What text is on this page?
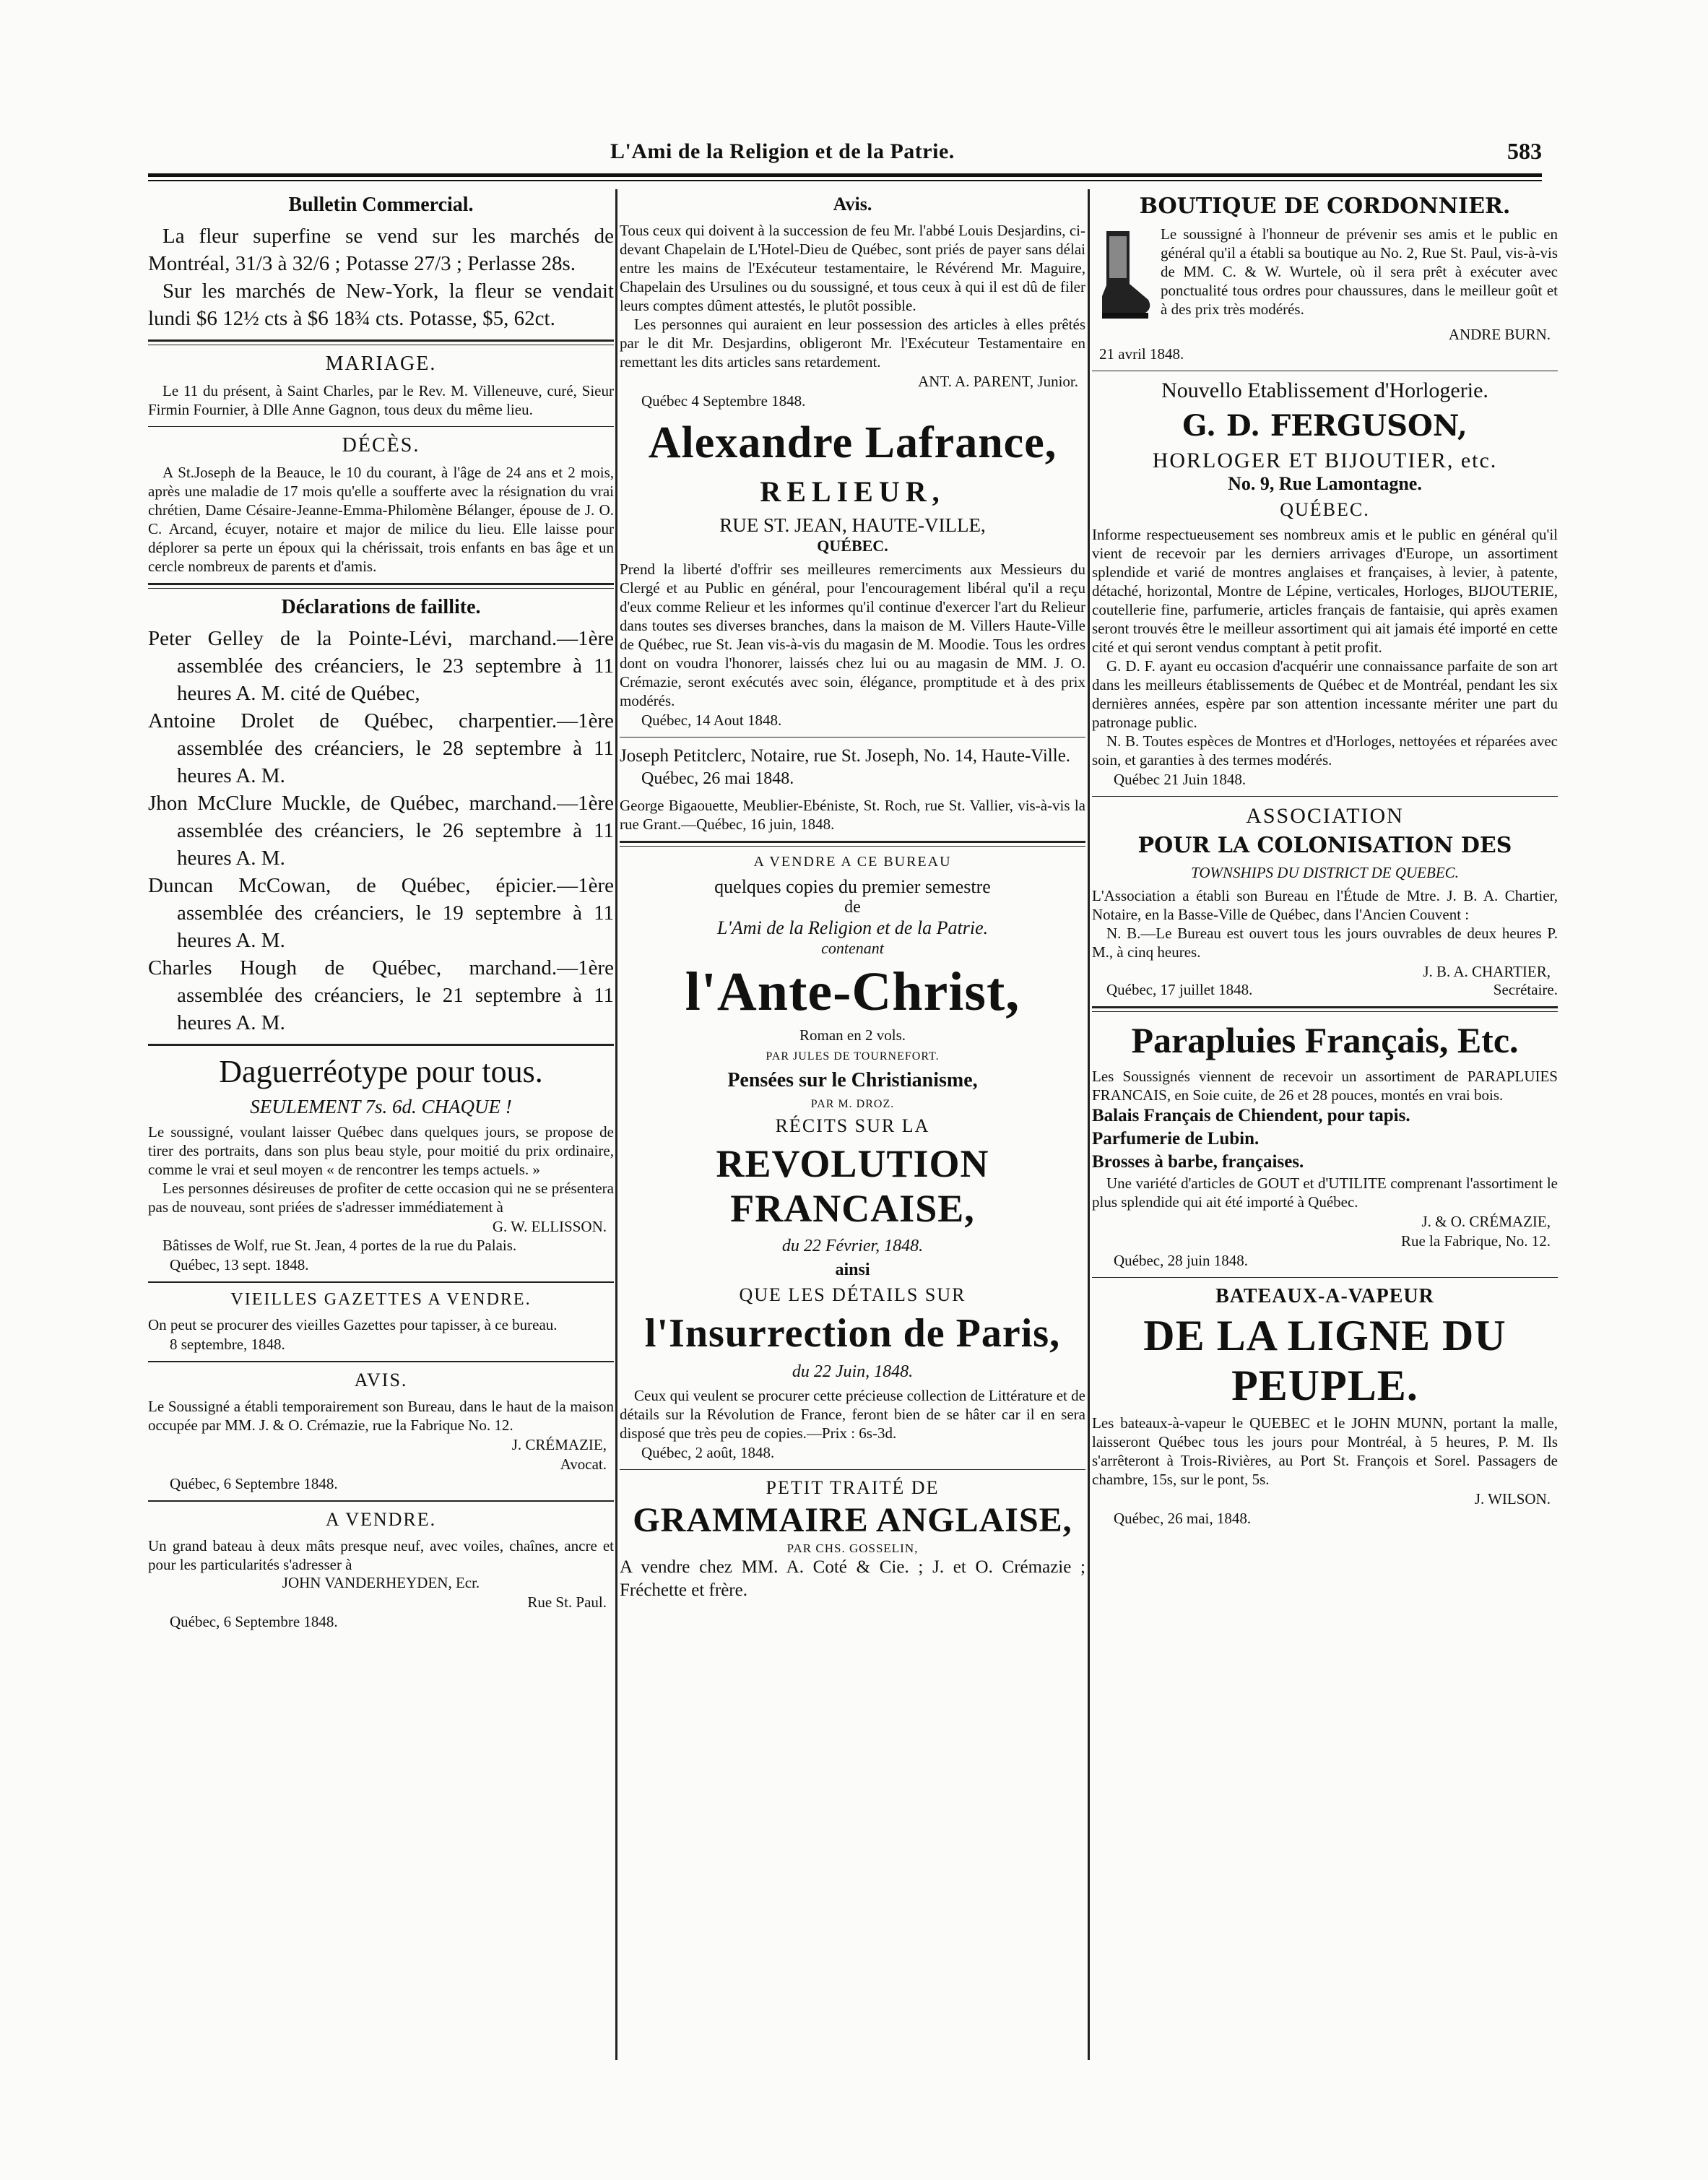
L'Ami de la Religion et de la Patrie.	583
Bulletin Commercial.

La fleur superfine se vend sur les marchés de Montréal, 31/3 à 32/6 ; Potasse 27/3 ; Perlasse 28s.

Sur les marchés de New-York, la fleur se vendait lundi $6 12½ cts à $6 18¾ cts. Potasse, $5, 62ct.

MARIAGE.

Le 11 du présent, à Saint Charles, par le Rev. M. Villeneuve, curé, Sieur Firmin Fournier, à Dlle Anne Gagnon, tous deux du même lieu.

DÉCÈS.

A St.Joseph de la Beauce, le 10 du courant, à l'âge de 24 ans et 2 mois, après une maladie de 17 mois qu'elle a soufferte avec la résignation du vrai chrétien, Dame Césaire-Jeanne-Emma-Philomène Bélanger, épouse de J. O. C. Arcand, écuyer, notaire et major de milice du lieu. Elle laisse pour déplorer sa perte un époux qui la chérissait, trois enfants en bas âge et un cercle nombreux de parents et d'amis.

Déclarations de faillite.

Peter Gelley de la Pointe-Lévi, marchand.—1ère assemblée des créanciers, le 23 septembre à 11 heures A. M. cité de Québec,

Antoine Drolet de Québec, charpentier.—1ère assemblée des créanciers, le 28 septembre à 11 heures A. M.

Jhon McClure Muckle, de Québec, marchand.—1ère assemblée des créanciers, le 26 septembre à 11 heures A. M.

Duncan McCowan, de Québec, épicier.—1ère assemblée des créanciers, le 19 septembre à 11 heures A. M.

Charles Hough de Québec, marchand.—1ère assemblée des créanciers, le 21 septembre à 11 heures A. M.

Daguerréotype pour tous.
SEULEMENT 7s. 6d. CHAQUE !

Le soussigné, voulant laisser Québec dans quelques jours, se propose de tirer des portraits, dans son plus beau style, pour moitié du prix ordinaire, comme le vrai et seul moyen « de rencontrer les temps actuels. »

Les personnes désireuses de profiter de cette occasion qui ne se présentera pas de nouveau, sont priées de s'adresser immédiatement à

G. W. ELLISSON.

Bâtisses de Wolf, rue St. Jean, 4 portes de la rue du Palais.

Québec, 13 sept. 1848.
VIEILLES GAZETTES A VENDRE.

On peut se procurer des vieilles Gazettes pour tapisser, à ce bureau.

8 septembre, 1848.
AVIS.

Le Soussigné a établi temporairement son Bureau, dans le haut de la maison occupée par MM. J. & O. Crémazie, rue la Fabrique No. 12.

J. CRÉMAZIE,
Avocat.
Québec, 6 Septembre 1848.
A VENDRE.

Un grand bateau à deux mâts presque neuf, avec voiles, chaînes, ancre et pour les particularités s'adresser à

JOHN VANDERHEYDEN, Ecr.
Rue St. Paul.
Québec, 6 Septembre 1848.
Avis.

Tous ceux qui doivent à la succession de feu Mr. l'abbé Louis Desjardins, ci-devant Chapelain de L'Hotel-Dieu de Québec, sont priés de payer sans délai entre les mains de l'Exécuteur testamentaire, le Révérend Mr. Maguire, Chapelain des Ursulines ou du soussigné, et tous ceux à qui il est dû de filer leurs comptes dûment attestés, le plutôt possible.

Les personnes qui auraient en leur possession des articles à elles prêtés par le dit Mr. Desjardins, obligeront Mr. l'Exécuteur Testamentaire en remettant les dits articles sans retardement.

ANT. A. PARENT, Junior.
Québec 4 Septembre 1848.
Alexandre Lafrance,
RELIEUR,
RUE ST. JEAN, HAUTE-VILLE,
QUÉBEC.

Prend la liberté d'offrir ses meilleures remerciments aux Messieurs du Clergé et au Public en général, pour l'encouragement libéral qu'il a reçu d'eux comme Relieur et les informes qu'il continue d'exercer l'art du Relieur dans toutes ses diverses branches, dans la maison de M. Villers Haute-Ville de Québec, rue St. Jean vis-à-vis du magasin de M. Moodie. Tous les ordres dont on voudra l'honorer, laissés chez lui ou au magasin de MM. J. O. Crémazie, seront exécutés avec soin, élégance, promptitude et à des prix modérés.

Québec, 14 Aout 1848.

Joseph Petitclerc, Notaire, rue St. Joseph, No. 14, Haute-Ville.

Québec, 26 mai 1848.

George Bigaouette, Meublier-Ebéniste, St. Roch, rue St. Vallier, vis-à-vis la rue Grant.—Québec, 16 juin, 1848.

A VENDRE A CE BUREAU
quelques copies du premier semestre
de
L'Ami de la Religion et de la Patrie.
contenant
l'Ante-Christ,
Roman en 2 vols.
PAR JULES DE TOURNEFORT.
Pensées sur le Christianisme,
PAR M. DROZ.
RÉCITS SUR LA
REVOLUTION FRANCAISE,
du 22 Février, 1848.
ainsi
QUE LES DÉTAILS SUR
l'Insurrection de Paris,
du 22 Juin, 1848.

Ceux qui veulent se procurer cette précieuse collection de Littérature et de détails sur la Révolution de France, feront bien de se hâter car il en sera disposé que très peu de copies.—Prix : 6s-3d.

Québec, 2 août, 1848.
PETIT TRAITÉ DE
GRAMMAIRE ANGLAISE,
PAR CHS. GOSSELIN,

A vendre chez MM. A. Coté & Cie. ; J. et O. Crémazie ; Fréchette et frère.

BOUTIQUE DE CORDONNIER.

Le soussigné à l'honneur de prévenir ses amis et le public en général qu'il a établi sa boutique au No. 2, Rue St. Paul, vis-à-vis de MM. C. & W. Wurtele, où il sera prêt à exécuter avec ponctualité tous ordres pour chaussures, dans le meilleur goût et à des prix très modérés.

ANDRE BURN.
21 avril 1848.
Nouvello Etablissement d'Horlogerie.
G. D. FERGUSON,
HORLOGER ET BIJOUTIER, etc.
No. 9, Rue Lamontagne.
QUÉBEC.

Informe respectueusement ses nombreux amis et le public en général qu'il vient de recevoir par les derniers arrivages d'Europe, un assortiment splendide et varié de montres anglaises et françaises, à levier, à patente, détaché, horizontal, Montre de Lépine, verticales, Horloges, BIJOUTERIE, coutellerie fine, parfumerie, articles français de fantaisie, qui après examen seront trouvés être le meilleur assortiment qui ait jamais été importé en cette cité et qui seront vendus comptant à petit profit.

G. D. F. ayant eu occasion d'acquérir une connaissance parfaite de son art dans les meilleurs établissements de Québec et de Montréal, pendant les six dernières années, espère par son attention incessante mériter une part du patronage public.

N. B. Toutes espèces de Montres et d'Horloges, nettoyées et réparées avec soin, et garanties à des termes modérés.

Québec 21 Juin 1848.
ASSOCIATION
POUR LA COLONISATION DES
TOWNSHIPS DU DISTRICT DE QUEBEC.

L'Association a établi son Bureau en l'Étude de Mtre. J. B. A. Chartier, Notaire, en la Basse-Ville de Québec, dans l'Ancien Couvent :

N. B.—Le Bureau est ouvert tous les jours ouvrables de deux heures P. M., à cinq heures.

J. B. A. CHARTIER,
Québec, 17 juillet 1848.	Secrétaire.
Parapluies Français, Etc.

Les Soussignés viennent de recevoir un assortiment de PARAPLUIES FRANCAIS, en Soie cuite, de 26 et 28 pouces, montés en vrai bois.

Balais Français de Chiendent, pour tapis.

Parfumerie de Lubin.

Brosses à barbe, françaises.

Une variété d'articles de GOUT et d'UTILITE comprenant l'assortiment le plus splendide qui ait été importé à Québec.

J. & O. CRÉMAZIE,
Rue la Fabrique, No. 12.
Québec, 28 juin 1848.
BATEAUX-A-VAPEUR
DE LA LIGNE DU PEUPLE.

Les bateaux-à-vapeur le QUEBEC et le JOHN MUNN, portant la malle, laisseront Québec tous les jours pour Montréal, à 5 heures, P. M. Ils s'arrêteront à Trois-Rivières, au Port St. François et Sorel. Passagers de chambre, 15s, sur le pont, 5s.

J. WILSON.
Québec, 26 mai, 1848.
